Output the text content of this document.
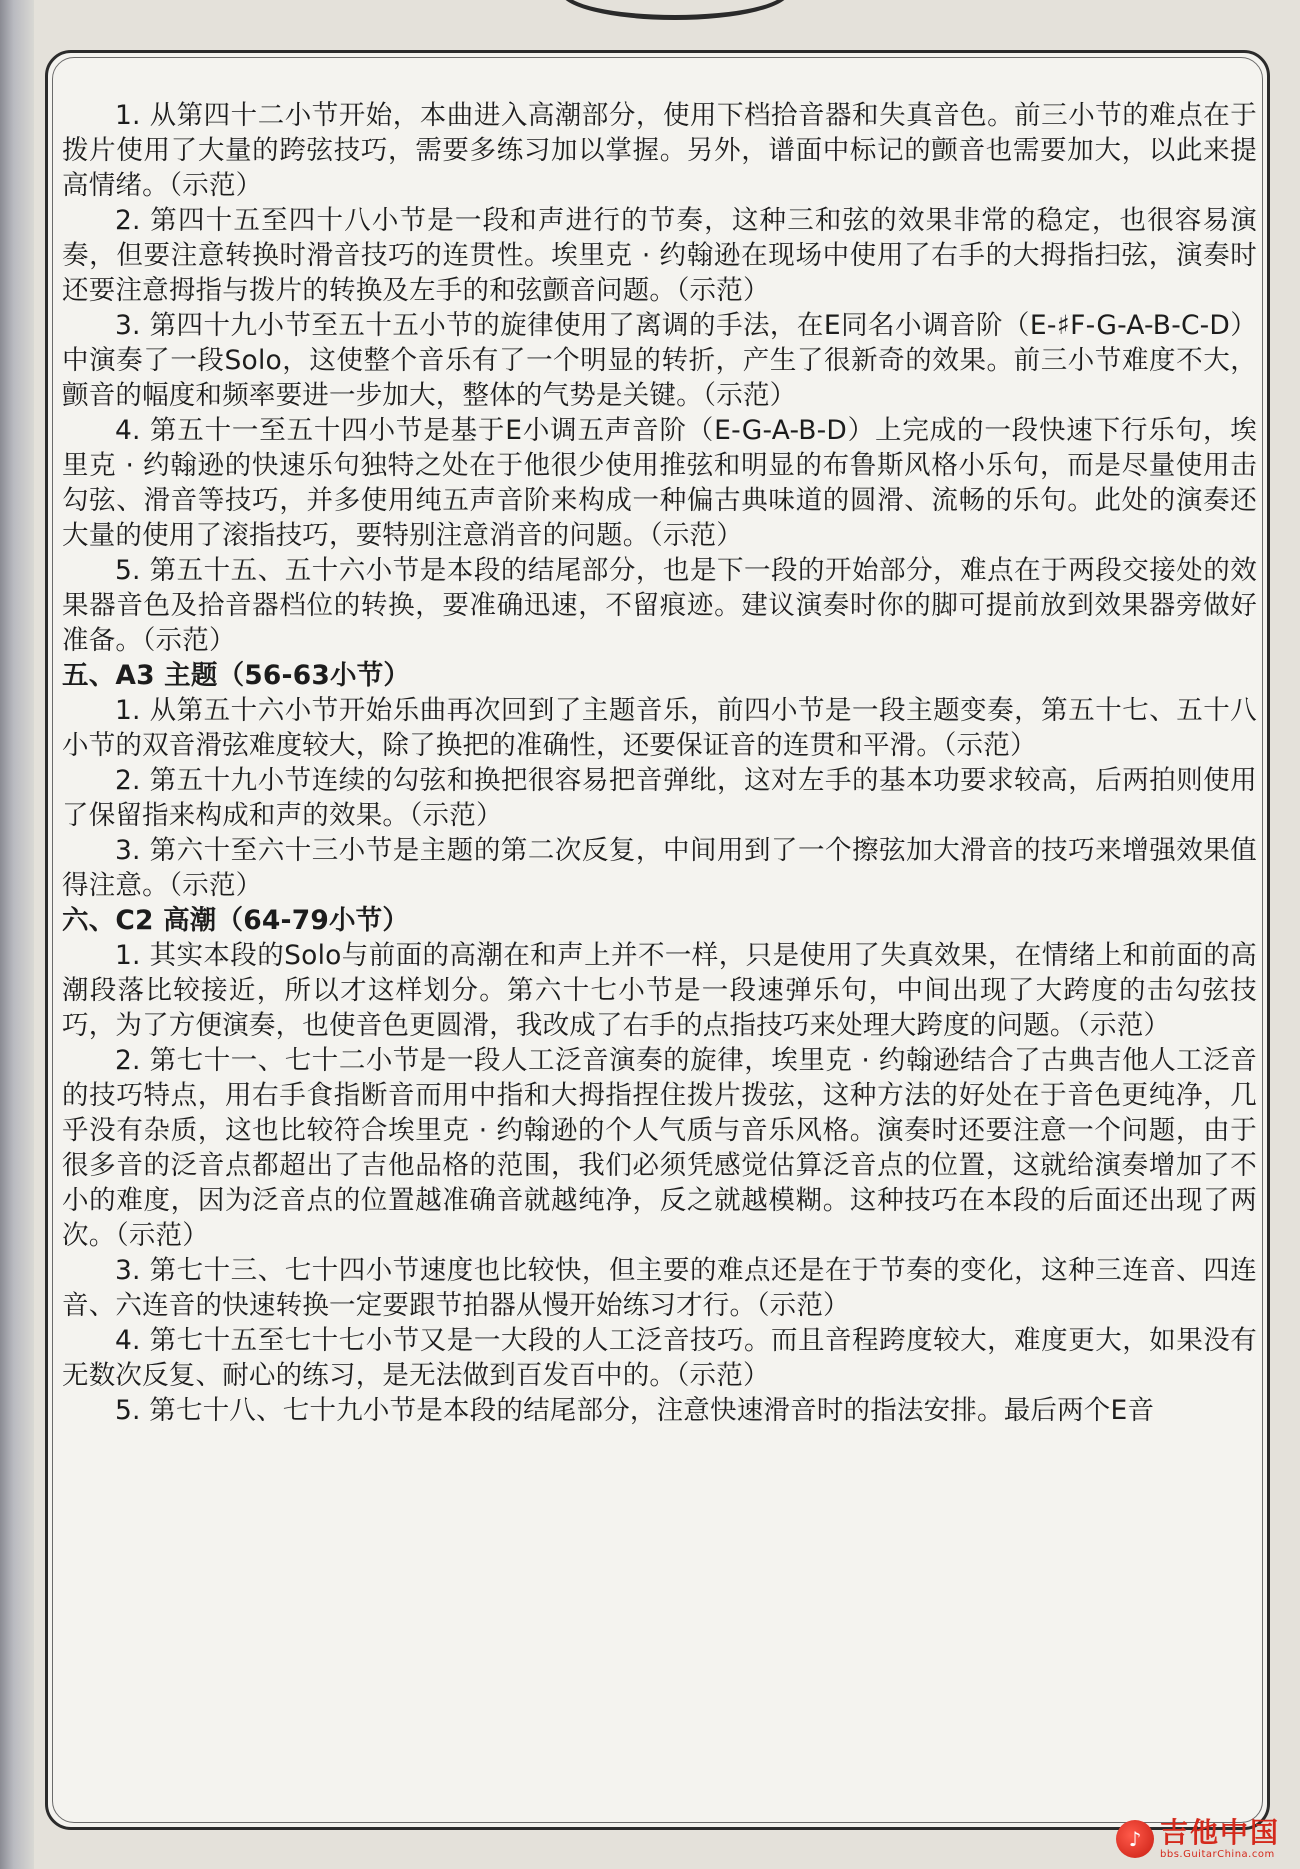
1. 从第四十二小节开始，本曲进入高潮部分，使用下档拾音器和失真音色。前三小节的难点在于拨片使用了大量的跨弦技巧，需要多练习加以掌握。另外，谱面中标记的颤音也需要加大，以此来提高情绪。（示范）

2. 第四十五至四十八小节是一段和声进行的节奏，这种三和弦的效果非常的稳定，也很容易演奏，但要注意转换时滑音技巧的连贯性。埃里克 · 约翰逊在现场中使用了右手的大拇指扫弦，演奏时还要注意拇指与拨片的转换及左手的和弦颤音问题。（示范）

3. 第四十九小节至五十五小节的旋律使用了离调的手法，在E同名小调音阶（E-♯F-G-A-B-C-D）中演奏了一段Solo，这使整个音乐有了一个明显的转折，产生了很新奇的效果。前三小节难度不大，颤音的幅度和频率要进一步加大，整体的气势是关键。（示范）

4. 第五十一至五十四小节是基于E小调五声音阶（E-G-A-B-D）上完成的一段快速下行乐句，埃里克 · 约翰逊的快速乐句独特之处在于他很少使用推弦和明显的布鲁斯风格小乐句，而是尽量使用击勾弦、滑音等技巧，并多使用纯五声音阶来构成一种偏古典味道的圆滑、流畅的乐句。此处的演奏还大量的使用了滚指技巧，要特别注意消音的问题。（示范）

5. 第五十五、五十六小节是本段的结尾部分，也是下一段的开始部分，难点在于两段交接处的效果器音色及拾音器档位的转换，要准确迅速，不留痕迹。建议演奏时你的脚可提前放到效果器旁做好准备。（示范）

五、A3 主题（56-63小节）

1. 从第五十六小节开始乐曲再次回到了主题音乐，前四小节是一段主题变奏，第五十七、五十八小节的双音滑弦难度较大，除了换把的准确性，还要保证音的连贯和平滑。（示范）

2. 第五十九小节连续的勾弦和换把很容易把音弹纰，这对左手的基本功要求较高，后两拍则使用了保留指来构成和声的效果。（示范）

3. 第六十至六十三小节是主题的第二次反复，中间用到了一个擦弦加大滑音的技巧来增强效果值得注意。（示范）

六、C2 高潮（64-79小节）

1. 其实本段的Solo与前面的高潮在和声上并不一样，只是使用了失真效果，在情绪上和前面的高潮段落比较接近，所以才这样划分。第六十七小节是一段速弹乐句，中间出现了大跨度的击勾弦技巧，为了方便演奏，也使音色更圆滑，我改成了右手的点指技巧来处理大跨度的问题。（示范）

2. 第七十一、七十二小节是一段人工泛音演奏的旋律，埃里克 · 约翰逊结合了古典吉他人工泛音的技巧特点，用右手食指断音而用中指和大拇指捏住拨片拨弦，这种方法的好处在于音色更纯净，几乎没有杂质，这也比较符合埃里克 · 约翰逊的个人气质与音乐风格。演奏时还要注意一个问题，由于很多音的泛音点都超出了吉他品格的范围，我们必须凭感觉估算泛音点的位置，这就给演奏增加了不小的难度，因为泛音点的位置越准确音就越纯净，反之就越模糊。这种技巧在本段的后面还出现了两次。（示范）

3. 第七十三、七十四小节速度也比较快，但主要的难点还是在于节奏的变化，这种三连音、四连音、六连音的快速转换一定要跟节拍器从慢开始练习才行。（示范）

4. 第七十五至七十七小节又是一大段的人工泛音技巧。而且音程跨度较大，难度更大，如果没有无数次反复、耐心的练习，是无法做到百发百中的。（示范）

5. 第七十八、七十九小节是本段的结尾部分，注意快速滑音时的指法安排。最后两个E音

♪ 吉他中国
bbs.GuitarChina.com
